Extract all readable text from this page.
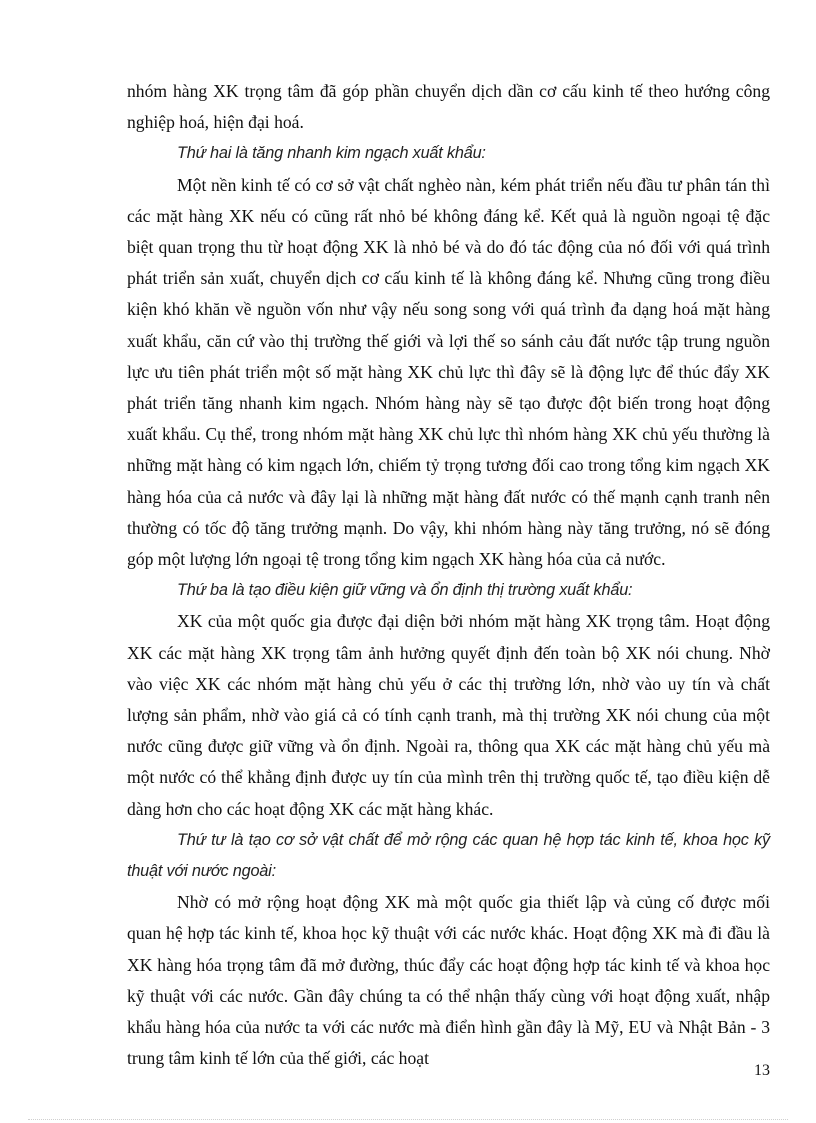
nhóm hàng XK trọng tâm đã góp phần chuyển dịch dần cơ cấu kinh tế theo hướng công nghiệp hoá, hiện đại hoá.

Thứ hai là tăng nhanh kim ngạch xuất khẩu:

Một nền kinh tế có cơ sở vật chất nghèo nàn, kém phát triển nếu đầu tư phân tán thì các mặt hàng XK nếu có cũng rất nhỏ bé không đáng kể. Kết quả là nguồn ngoại tệ đặc biệt quan trọng thu từ hoạt động XK là nhỏ bé và do đó tác động của nó đối với quá trình phát triển sản xuất, chuyển dịch cơ cấu kinh tế là không đáng kể. Nhưng cũng trong điều kiện khó khăn về nguồn vốn như vậy nếu song song với quá trình đa dạng hoá mặt hàng xuất khẩu, căn cứ vào thị trường thế giới và lợi thế so sánh cảu đất nước tập trung nguồn lực ưu tiên phát triển một số mặt hàng XK chủ lực thì đây sẽ là động lực để thúc đẩy XK phát triển tăng nhanh kim ngạch. Nhóm hàng này sẽ tạo được đột biến trong hoạt động xuất khẩu. Cụ thể, trong nhóm mặt hàng XK chủ lực thì nhóm hàng XK chủ yếu thường là những mặt hàng có kim ngạch lớn, chiếm tỷ trọng tương đối cao trong tổng kim ngạch XK hàng hóa của cả nước và đây lại là những mặt hàng đất nước có thế mạnh cạnh tranh nên thường có tốc độ tăng trưởng mạnh. Do vậy, khi nhóm hàng này tăng trưởng, nó sẽ đóng góp một lượng lớn ngoại tệ trong tổng kim ngạch XK hàng hóa của cả nước.

Thứ ba là tạo điều kiện giữ vững và ổn định thị trường xuất khẩu:

XK của một quốc gia được đại diện bởi nhóm mặt hàng XK trọng tâm. Hoạt động XK các mặt hàng XK trọng tâm ảnh hưởng quyết định đến toàn bộ XK nói chung. Nhờ vào việc XK các nhóm mặt hàng chủ yếu ở các thị trường lớn, nhờ vào uy tín và chất lượng sản phẩm, nhờ vào giá cả có tính cạnh tranh, mà thị trường XK nói chung của một nước cũng được giữ vững và ổn định. Ngoài ra, thông qua XK các mặt hàng chủ yếu mà một nước có thể khẳng định được uy tín của mình trên thị trường quốc tế, tạo điều kiện dễ dàng hơn cho các hoạt động XK các mặt hàng khác.

Thứ tư là tạo cơ sở vật chất để mở rộng các quan hệ hợp tác kinh tế, khoa học kỹ thuật với nước ngoài:

Nhờ có mở rộng hoạt động XK mà một quốc gia thiết lập và củng cố được mối quan hệ hợp tác kinh tế, khoa học kỹ thuật với các nước khác. Hoạt động XK mà đi đầu là XK hàng hóa trọng tâm đã mở đường, thúc đẩy các hoạt động hợp tác kinh tế và khoa học kỹ thuật với các nước. Gần đây chúng ta có thể nhận thấy cùng với hoạt động xuất, nhập khẩu hàng hóa của nước ta với các nước mà điển hình gần đây là Mỹ, EU và Nhật Bản - 3 trung tâm kinh tế lớn của thế giới, các hoạt

13
